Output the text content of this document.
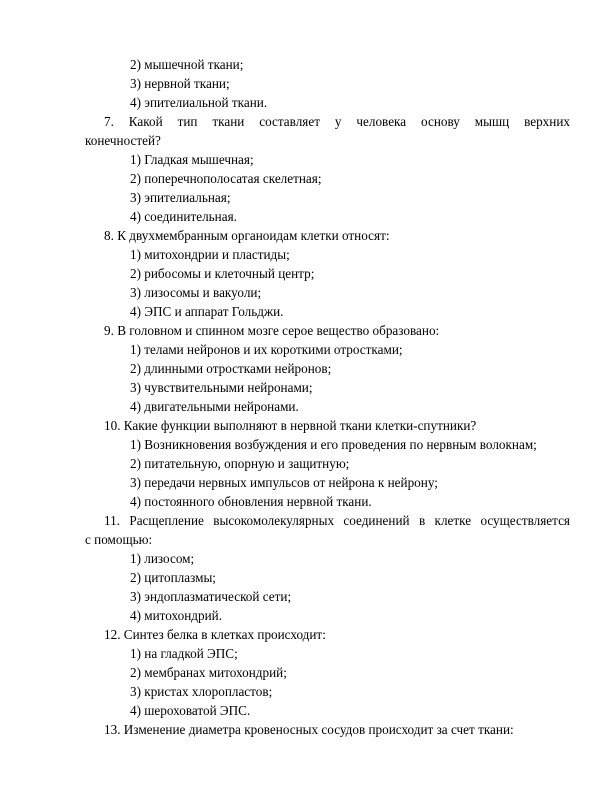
2) мышечной ткани;
3) нервной ткани;
4) эпителиальной ткани.
7. Какой тип ткани составляет у человека основу мышц верхних
конечностей?
1) Гладкая мышечная;
2) поперечнополосатая скелетная;
3) эпителиальная;
4) соединительная.
8. К двухмембранным органоидам клетки относят:
1) митохондрии и пластиды;
2) рибосомы и клеточный центр;
3) лизосомы и вакуоли;
4) ЭПС и аппарат Гольджи.
9. В головном и спинном мозге серое вещество образовано:
1) телами нейронов и их короткими отростками;
2) длинными отростками нейронов;
3) чувствительными нейронами;
4) двигательными нейронами.
10. Какие функции выполняют в нервной ткани клетки-спутники?
1) Возникновения возбуждения и его проведения по нервным волокнам;
2) питательную, опорную и защитную;
3) передачи нервных импульсов от нейрона к нейрону;
4) постоянного обновления нервной ткани.
11. Расщепление высокомолекулярных соединений в клетке осуществляется
с помощью:
1) лизосом;
2) цитоплазмы;
3) эндоплазматической сети;
4) митохондрий.
12. Синтез белка в клетках происходит:
1) на гладкой ЭПС;
2) мембранах митохондрий;
3) кристах хлоропластов;
4) шероховатой ЭПС.
13. Изменение диаметра кровеносных сосудов происходит за счет ткани:
